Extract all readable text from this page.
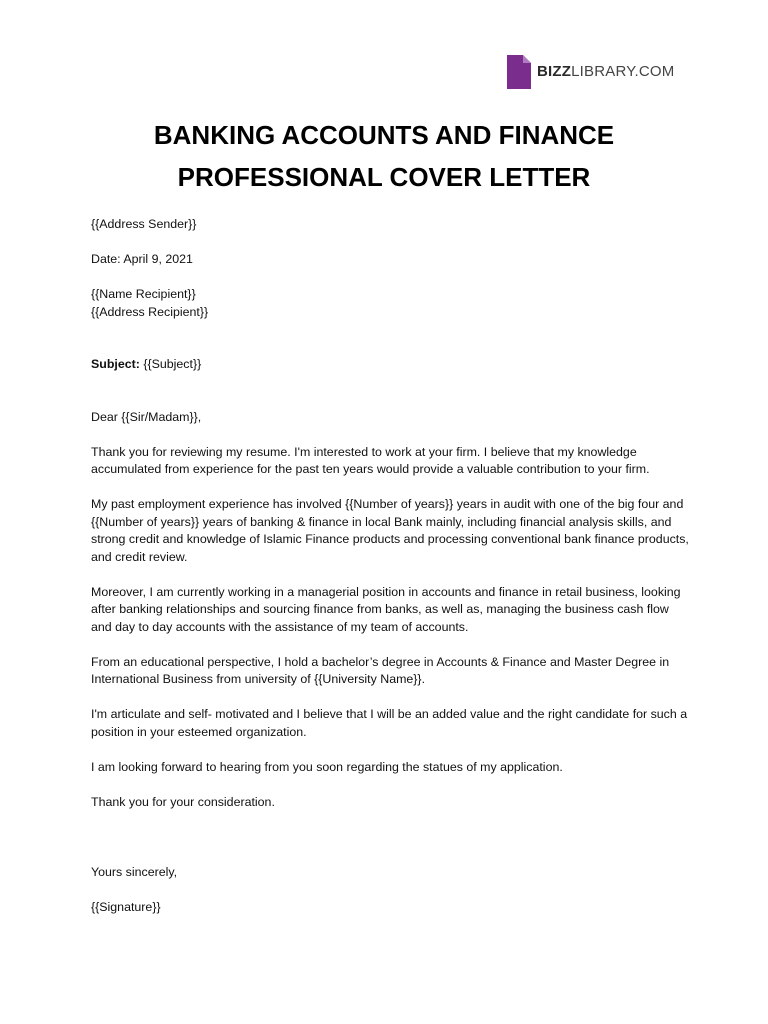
BIZZLIBRARY.COM
BANKING ACCOUNTS AND FINANCE
PROFESSIONAL COVER LETTER

{{Address Sender}}

Date: April 9, 2021

{{Name Recipient}}

{{Address Recipient}}

Subject: {{Subject}}

Dear {{Sir/Madam}},

Thank you for reviewing my resume. I'm interested to work at your firm. I believe that my knowledge accumulated from experience for the past ten years would provide a valuable contribution to your firm.

My past employment experience has involved {{Number of years}} years in audit with one of the big four and {{Number of years}} years of banking & finance in local Bank mainly, including financial analysis skills, and strong credit and knowledge of Islamic Finance products and processing conventional bank finance products, and credit review.

Moreover, I am currently working in a managerial position in accounts and finance in retail business, looking after banking relationships and sourcing finance from banks, as well as, managing the business cash flow and day to day accounts with the assistance of my team of accounts.

From an educational perspective, I hold a bachelor’s degree in Accounts & Finance and Master Degree in International Business from university of {{University Name}}.

I'm articulate and self- motivated and I believe that I will be an added value and the right candidate for such a position in your esteemed organization.

I am looking forward to hearing from you soon regarding the statues of my application.

Thank you for your consideration.

Yours sincerely,

{{Signature}}
